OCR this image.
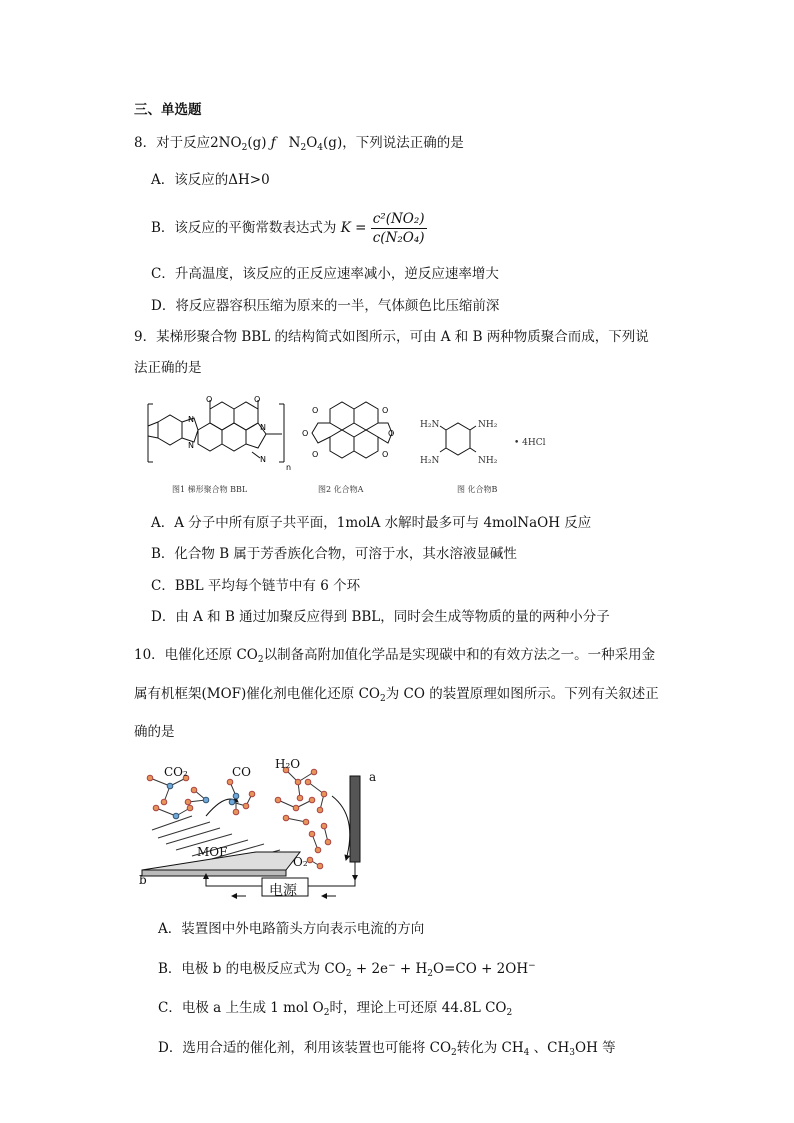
三、单选题
8．对于反应$2NO_2(g)$ ƒ   $N_2O_4(g)$，下列说法正确的是
A．该反应的ΔH>0
B．该反应的平衡常数表达式为 $K = \frac{\text{c²(NO₂)}}{\text{c(N₂O₄)}}$
C．升高温度，该反应的正反应速率减小，逆反应速率增大
D．将反应器容积压缩为原来的一半，气体颜色比压缩前深
9．某梯形聚合物 BBL 的结构简式如图所示，可由 A 和 B 两种物质聚合而成，下列说
法正确的是
O	O
N
N
N
N
n
图1 梯形聚合物 BBL
O
O
O
O
O
O
图2 化合物A
H₂N
H₂N
NH₂
NH₂
• 4HCl
图 化合物B
A．A 分子中所有原子共平面，1molA 水解时最多可与 4molNaOH 反应
B．化合物 B 属于芳香族化合物，可溶于水，其水溶液显碱性
C．BBL 平均每个链节中有 6 个环
D．由 A 和 B 通过加聚反应得到 BBL，同时会生成等物质的量的两种小分子
10．电催化还原 $CO_2$以制备高附加值化学品是实现碳中和的有效方法之一。一种采用金
属有机框架(MOF)催化剂电催化还原 $CO_2$为 CO 的装置原理如图所示。下列有关叙述正
确的是
CO₂	CO
H₂O
a
MOF
O₂
b
电源
A．装置图中外电路箭头方向表示电流的方向
B．电极 b 的电极反应式为 $CO_2 + 2e^- + H_2O=CO + 2OH^-$
C．电极 a 上生成 1 mol $O_2$时，理论上可还原 44.8L $CO_2$
D．选用合适的催化剂，利用该装置也可能将 $CO_2$转化为 $CH_4$ 、$CH_3OH$ 等
